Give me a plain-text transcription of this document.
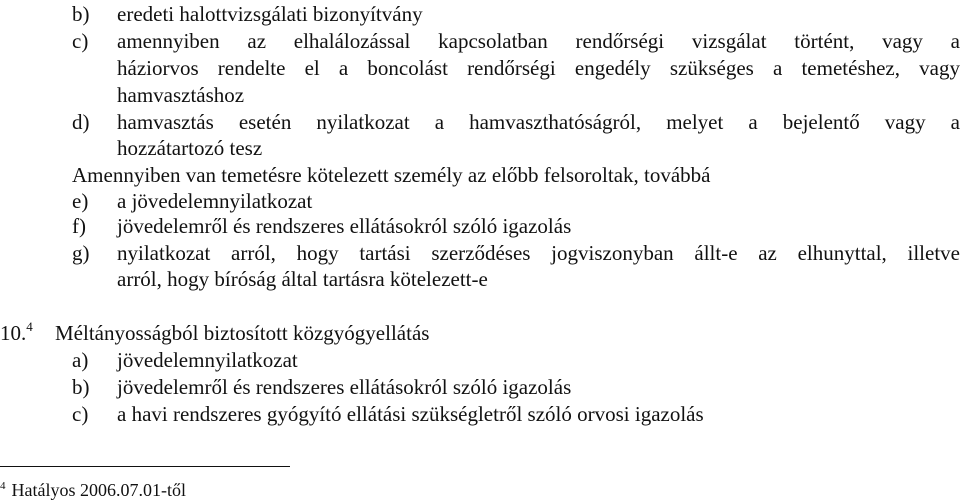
b) eredeti halottvizsgálati bizonyítvány
c) amennyiben az elhalálozással kapcsolatban rendőrségi vizsgálat történt, vagy a
háziorvos rendelte el a boncolást rendőrségi engedély szükséges a temetéshez, vagy
hamvasztáshoz
d) hamvasztás esetén nyilatkozat a hamvaszthatóságról, melyet a bejelentő vagy a
hozzátartozó tesz
Amennyiben van temetésre kötelezett személy az előbb felsoroltak, továbbá
e) a jövedelemnyilatkozat
f) jövedelemről és rendszeres ellátásokról szóló igazolás
g) nyilatkozat arról, hogy tartási szerződéses jogviszonyban állt-e az elhunyttal, illetve
arról, hogy bíróság által tartásra kötelezett-e
10.$^4$ Méltányosságból biztosított közgyógyellátás
a) jövedelemnyilatkozat
b) jövedelemről és rendszeres ellátásokról szóló igazolás
c) a havi rendszeres gyógyító ellátási szükségletről szóló orvosi igazolás
$^4$ Hatályos 2006.07.01-től
